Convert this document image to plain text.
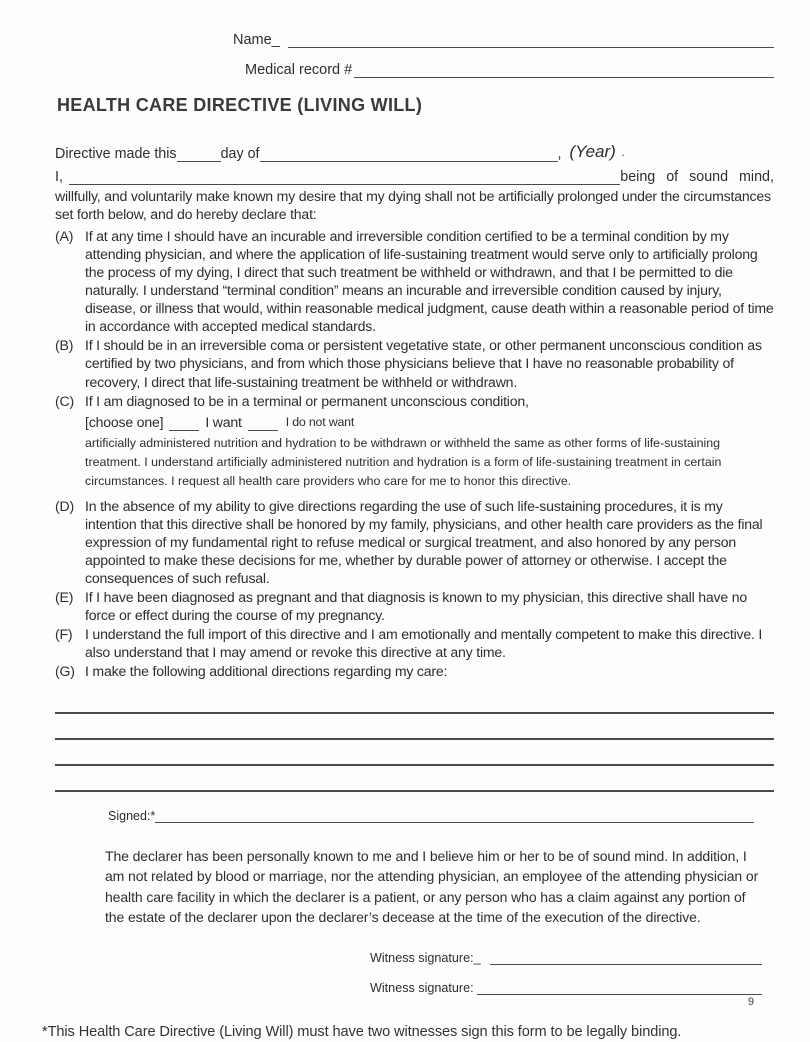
Name_
Medical record #
HEALTH CARE DIRECTIVE (LIVING WILL)
Directive made this	day of	, (Year) ·
I,	being of sound mind,
willfully, and voluntarily make known my desire that my dying shall not be artificially prolonged under the circumstances set forth below, and do hereby declare that:
(A) If at any time I should have an incurable and irreversible condition certified to be a terminal condition by my attending physician, and where the application of life-sustaining treatment would serve only to artificially prolong the process of my dying, I direct that such treatment be withheld or withdrawn, and that I be permitted to die naturally. I understand “terminal condition” means an incurable and irreversible condition caused by injury, disease, or illness that would, within reasonable medical judgment, cause death within a reasonable period of time in accordance with accepted medical standards.
(B) If I should be in an irreversible coma or persistent vegetative state, or other permanent unconscious condition as certified by two physicians, and from which those physicians believe that I have no reasonable probability of recovery, I direct that life-sustaining treatment be withheld or withdrawn.
(C) If I am diagnosed to be in a terminal or permanent unconscious condition,
[choose one]	I want	I do not want
artificially administered nutrition and hydration to be withdrawn or withheld the same as other forms of life-sustaining treatment. I understand artificially administered nutrition and hydration is a form of life-sustaining treatment in certain circumstances. I request all health care providers who care for me to honor this directive.
(D) In the absence of my ability to give directions regarding the use of such life-sustaining procedures, it is my intention that this directive shall be honored by my family, physicians, and other health care providers as the final expression of my fundamental right to refuse medical or surgical treatment, and also honored by any person appointed to make these decisions for me, whether by durable power of attorney or otherwise. I accept the consequences of such refusal.
(E) If I have been diagnosed as pregnant and that diagnosis is known to my physician, this directive shall have no force or effect during the course of my pregnancy.
(F) I understand the full import of this directive and I am emotionally and mentally competent to make this directive. I also understand that I may amend or revoke this directive at any time.
(G) I make the following additional directions regarding my care:
Signed:*
The declarer has been personally known to me and I believe him or her to be of sound mind. In addition, I am not related by blood or marriage, nor the attending physician, an employee of the attending physician or health care facility in which the declarer is a patient, or any person who has a claim against any portion of the estate of the declarer upon the declarer’s decease at the time of the execution of the directive.
Witness signature:_
Witness signature:
*This Health Care Directive (Living Will) must have two witnesses sign this form to be legally binding.
9
